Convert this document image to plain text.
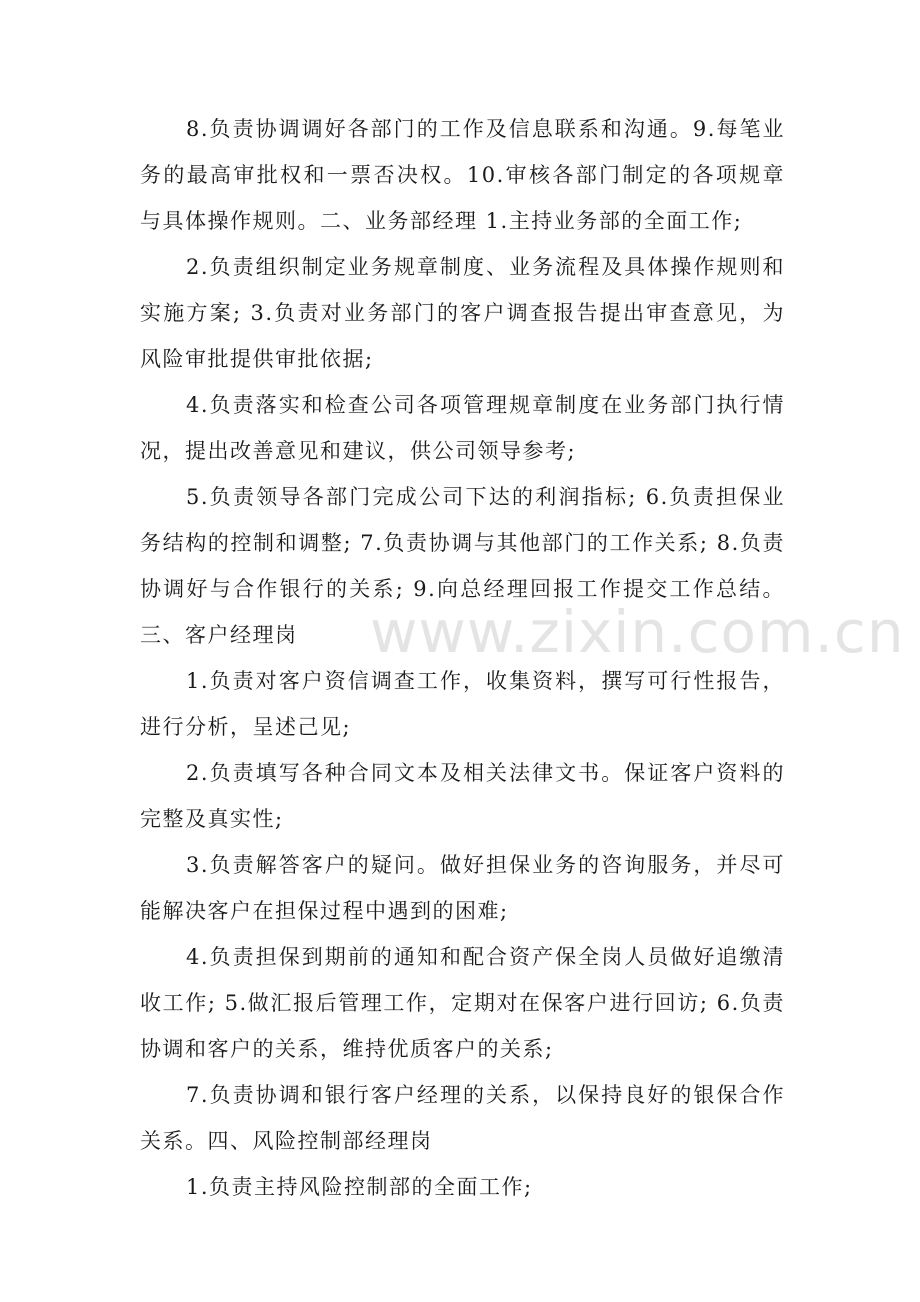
8.负责协调调好各部门的工作及信息联系和沟通。9.每笔业务的最高审批权和一票否决权。10.审核各部门制定的各项规章与具体操作规则。二、业务部经理 1.主持业务部的全面工作;

2.负责组织制定业务规章制度、业务流程及具体操作规则和实施方案; 3.负责对业务部门的客户调查报告提出审查意见，为风险审批提供审批依据;

4.负责落实和检查公司各项管理规章制度在业务部门执行情况，提出改善意见和建议，供公司领导参考;

5.负责领导各部门完成公司下达的利润指标; 6.负责担保业务结构的控制和调整; 7.负责协调与其他部门的工作关系; 8.负责协调好与合作银行的关系; 9.向总经理回报工作提交工作总结。三、客户经理岗

1.负责对客户资信调查工作，收集资料，撰写可行性报告，进行分析，呈述己见;

2.负责填写各种合同文本及相关法律文书。保证客户资料的完整及真实性;

3.负责解答客户的疑问。做好担保业务的咨询服务，并尽可能解决客户在担保过程中遇到的困难;

4.负责担保到期前的通知和配合资产保全岗人员做好追缴清收工作; 5.做汇报后管理工作，定期对在保客户进行回访; 6.负责协调和客户的关系，维持优质客户的关系;

7.负责协调和银行客户经理的关系，以保持良好的银保合作关系。四、风险控制部经理岗

1.负责主持风险控制部的全面工作;

www.zixin.com.cn
